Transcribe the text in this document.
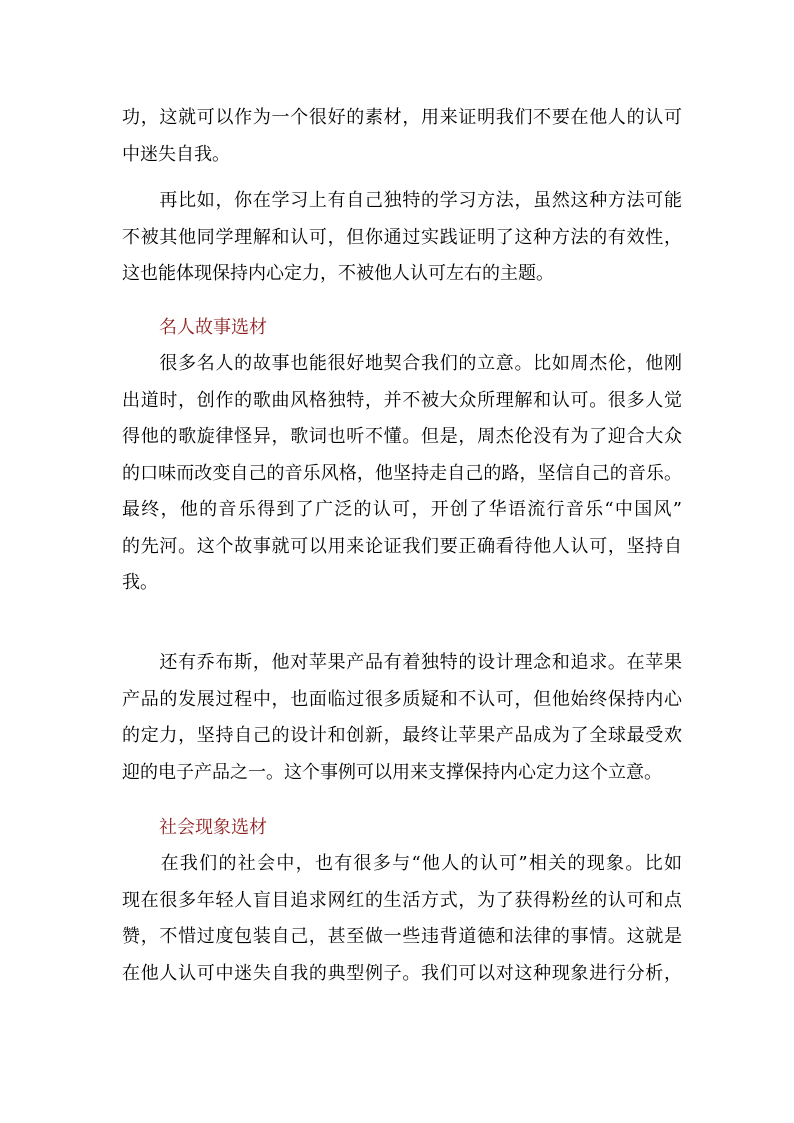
功，这就可以作为一个很好的素材，用来证明我们不要在他人的认可
中迷失自我。
　　再比如，你在学习上有自己独特的学习方法，虽然这种方法可能
不被其他同学理解和认可，但你通过实践证明了这种方法的有效性，
这也能体现保持内心定力，不被他人认可左右的主题。
名人故事选材
　　很多名人的故事也能很好地契合我们的立意。比如周杰伦，他刚
出道时，创作的歌曲风格独特，并不被大众所理解和认可。很多人觉
得他的歌旋律怪异，歌词也听不懂。但是，周杰伦没有为了迎合大众
的口味而改变自己的音乐风格，他坚持走自己的路，坚信自己的音乐。
最终，他的音乐得到了广泛的认可，开创了华语流行音乐“中国风”
的先河。这个故事就可以用来论证我们要正确看待他人认可，坚持自
我。
　　还有乔布斯，他对苹果产品有着独特的设计理念和追求。在苹果
产品的发展过程中，也面临过很多质疑和不认可，但他始终保持内心
的定力，坚持自己的设计和创新，最终让苹果产品成为了全球最受欢
迎的电子产品之一。这个事例可以用来支撑保持内心定力这个立意。
社会现象选材
　　在我们的社会中，也有很多与“他人的认可”相关的现象。比如
现在很多年轻人盲目追求网红的生活方式，为了获得粉丝的认可和点
赞，不惜过度包装自己，甚至做一些违背道德和法律的事情。这就是
在他人认可中迷失自我的典型例子。我们可以对这种现象进行分析，
